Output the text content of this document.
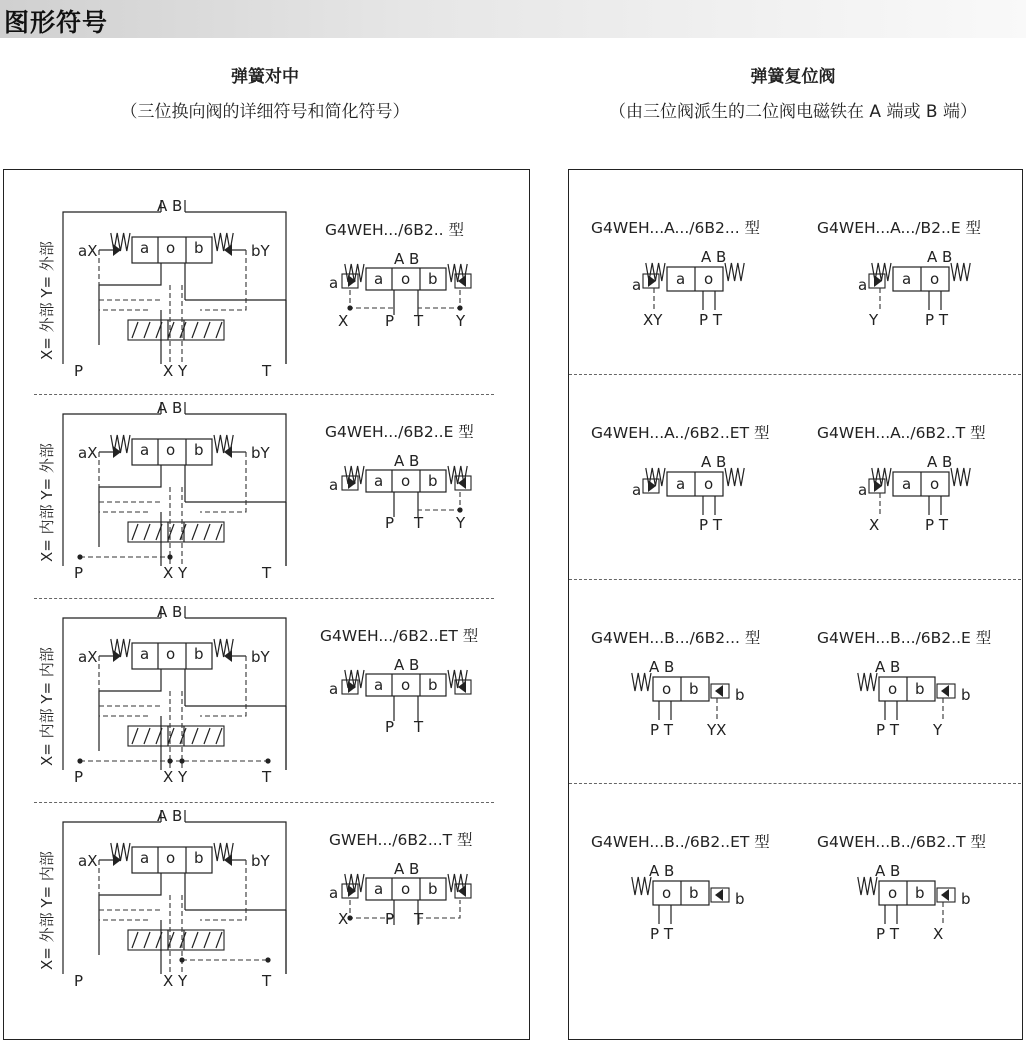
图形符号
弹簧对中
（三位换向阀的详细符号和简化符号）
弹簧复位阀
（由三位阀派生的二位阀电磁铁在 A 端或 B 端）
X= 外部 Y= 外部
A B
aX	bY
a o b
P	X Y	T
G4WEH.../6B2.. 型
A B
a a o b
X P T Y
X= 内部 Y= 外部
A B
aX	bY
a o b
P	X Y	T
G4WEH.../6B2..E 型
A B
a a o b
P T Y
X= 内部 Y= 内部
A B
aX	bY
a o b
P	X Y	T
G4WEH.../6B2..ET 型
A B
a a o b
P T
X= 外部 Y= 内部
A B
aX	bY
a o b
P	X Y	T
GWEH.../6B2...T 型
A B
a a o b
X P T
G4WEH...A.../6B2... 型
A B
a a o
P T
XY
G4WEH...A.../B2..E 型
A B
a a o
P T
Y
G4WEH...A../6B2..ET 型
A B
a a o
P T
G4WEH...A../6B2..T 型
A B
a a o
P T
X
G4WEH...B.../6B2... 型
A B
b
o b
P T YX
G4WEH...B.../6B2..E 型
A B
b
o b
P T Y
G4WEH...B../6B2..ET 型
A B
b
o b
P T
G4WEH...B../6B2..T 型
A B
b
o b
P T X
